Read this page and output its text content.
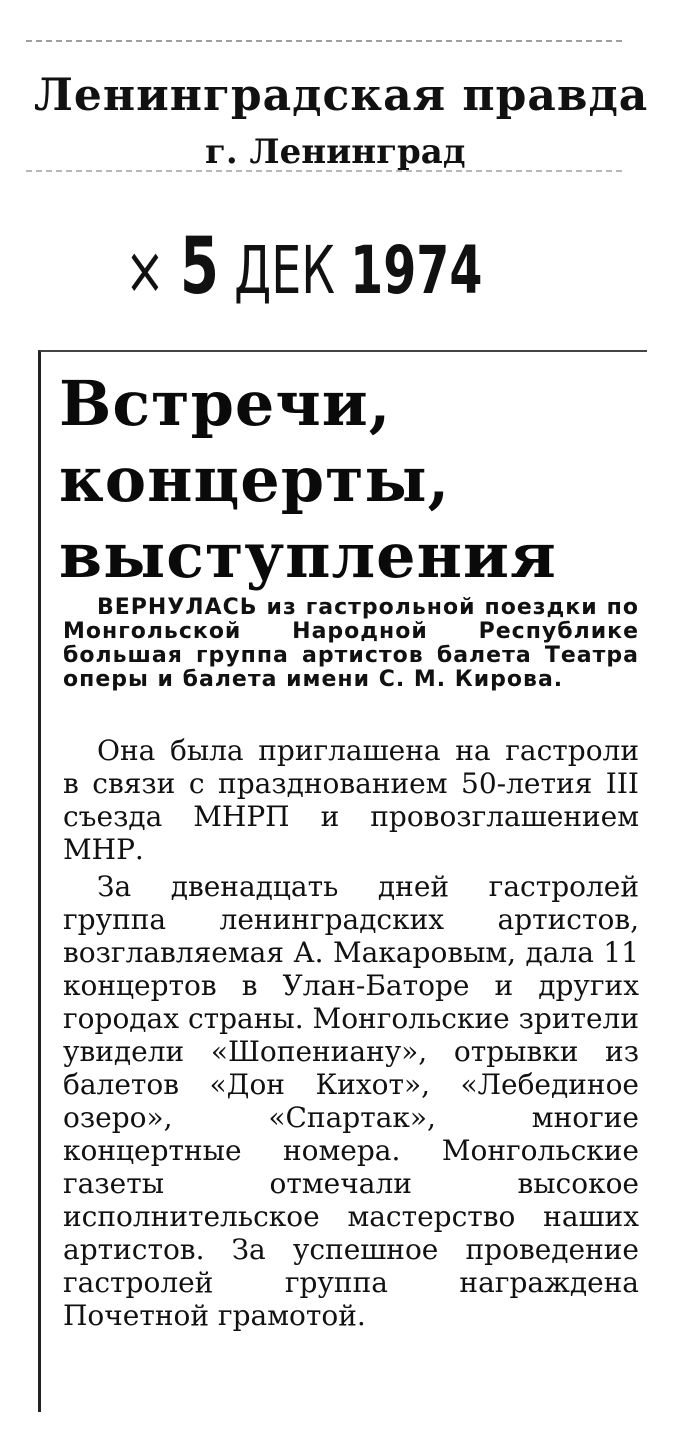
Ленинградская правда
г. Ленинград
× 5 ДЕК 1974
Встречи,
концерты,
выступления
ВЕРНУЛАСЬ из гастрольной поездки по Монгольской Народной Республике большая группа артистов балета Театра оперы и балета имени С. М. Кирова.

Она была приглашена на гастроли в связи с празднованием 50-летия III съезда МНРП и провозглашением МНР.

За двенадцать дней гастролей группа ленинградских артистов, возглавляемая А. Макаровым, дала 11 концертов в Улан-Баторе и других городах страны. Монгольские зрители увидели «Шопениану», отрывки из балетов «Дон Кихот», «Лебединое озеро», «Спартак», многие концертные номера. Монгольские газеты отмечали высокое исполнительское мастерство наших артистов. За успешное проведение гастролей группа награждена Почетной грамотой.
